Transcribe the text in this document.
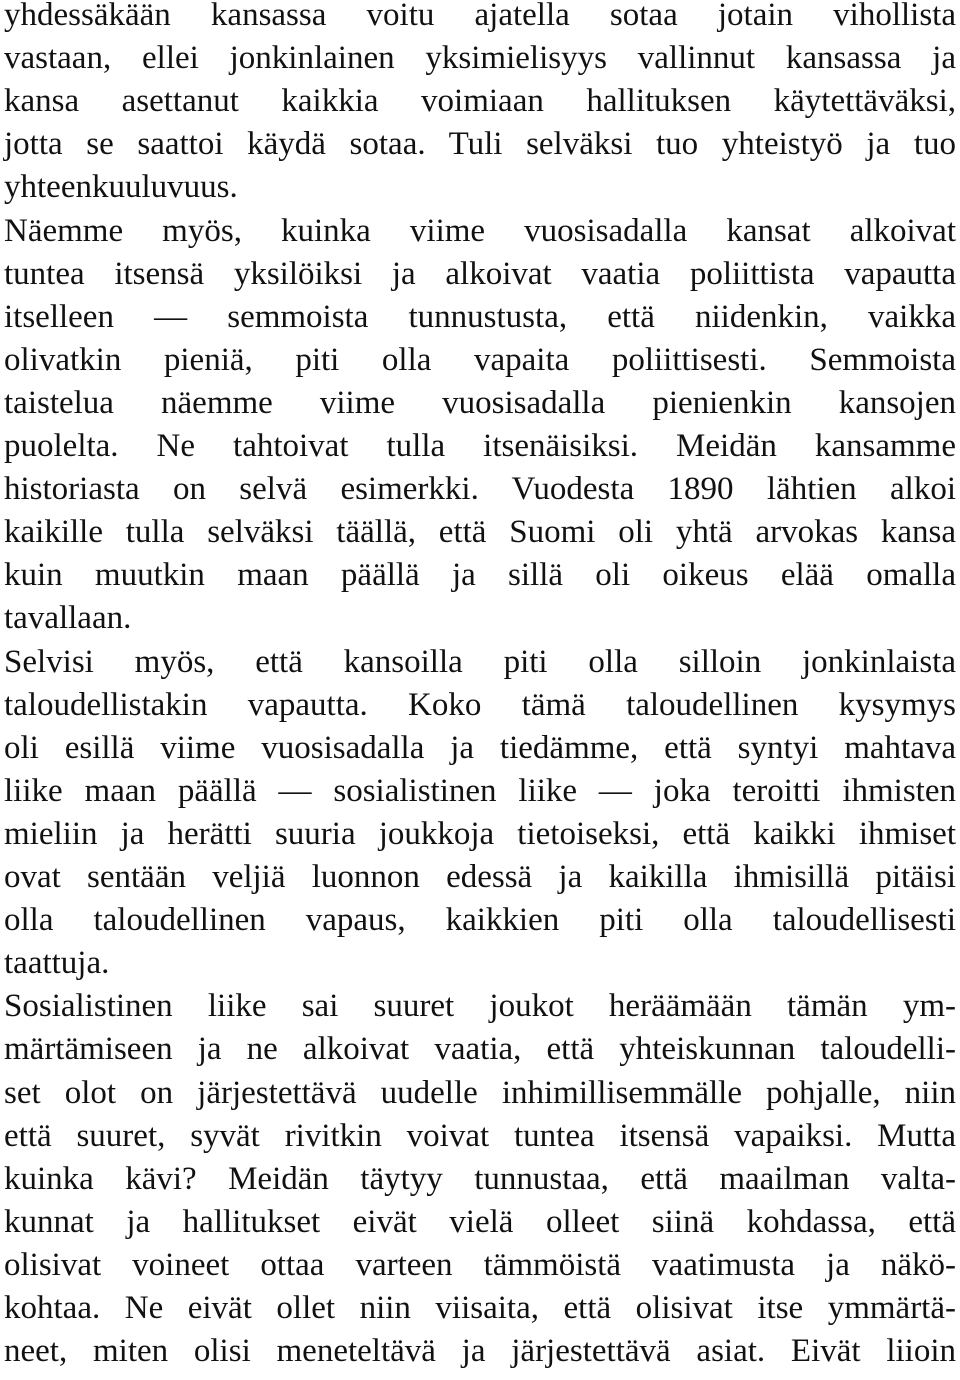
yhdessäkään kansassa voitu ajatella sotaa jotain vihollista
vastaan, ellei jonkinlainen yksimielisyys vallinnut kansassa ja
kansa asettanut kaikkia voimiaan hallituksen käytettäväksi,
jotta se saattoi käydä sotaa. Tuli selväksi tuo yhteistyö ja tuo
yhteenkuuluvuus.
Näemme myös, kuinka viime vuosisadalla kansat alkoivat
tuntea itsensä yksilöiksi ja alkoivat vaatia poliittista vapautta
itselleen — semmoista tunnustusta, että niidenkin, vaikka
olivatkin pieniä, piti olla vapaita poliittisesti. Semmoista
taistelua näemme viime vuosisadalla pienienkin kansojen
puolelta. Ne tahtoivat tulla itsenäisiksi. Meidän kansamme
historiasta on selvä esimerkki. Vuodesta 1890 lähtien alkoi
kaikille tulla selväksi täällä, että Suomi oli yhtä arvokas kansa
kuin muutkin maan päällä ja sillä oli oikeus elää omalla
tavallaan.
Selvisi myös, että kansoilla piti olla silloin jonkinlaista
taloudellistakin vapautta. Koko tämä taloudellinen kysymys
oli esillä viime vuosisadalla ja tiedämme, että syntyi mahtava
liike maan päällä — sosialistinen liike — joka teroitti ihmisten
mieliin ja herätti suuria joukkoja tietoiseksi, että kaikki ihmiset
ovat sentään veljiä luonnon edessä ja kaikilla ihmisillä pitäisi
olla taloudellinen vapaus, kaikkien piti olla taloudellisesti
taattuja.
Sosialistinen liike sai suuret joukot heräämään tämän ym-
märtämiseen ja ne alkoivat vaatia, että yhteiskunnan taloudelli-
set olot on järjestettävä uudelle inhimillisemmälle pohjalle, niin
että suuret, syvät rivitkin voivat tuntea itsensä vapaiksi. Mutta
kuinka kävi? Meidän täytyy tunnustaa, että maailman valta-
kunnat ja hallitukset eivät vielä olleet siinä kohdassa, että
olisivat voineet ottaa varteen tämmöistä vaatimusta ja näkö-
kohtaa. Ne eivät ollet niin viisaita, että olisivat itse ymmärtä-
neet, miten olisi meneteltävä ja järjestettävä asiat. Eivät liioin
